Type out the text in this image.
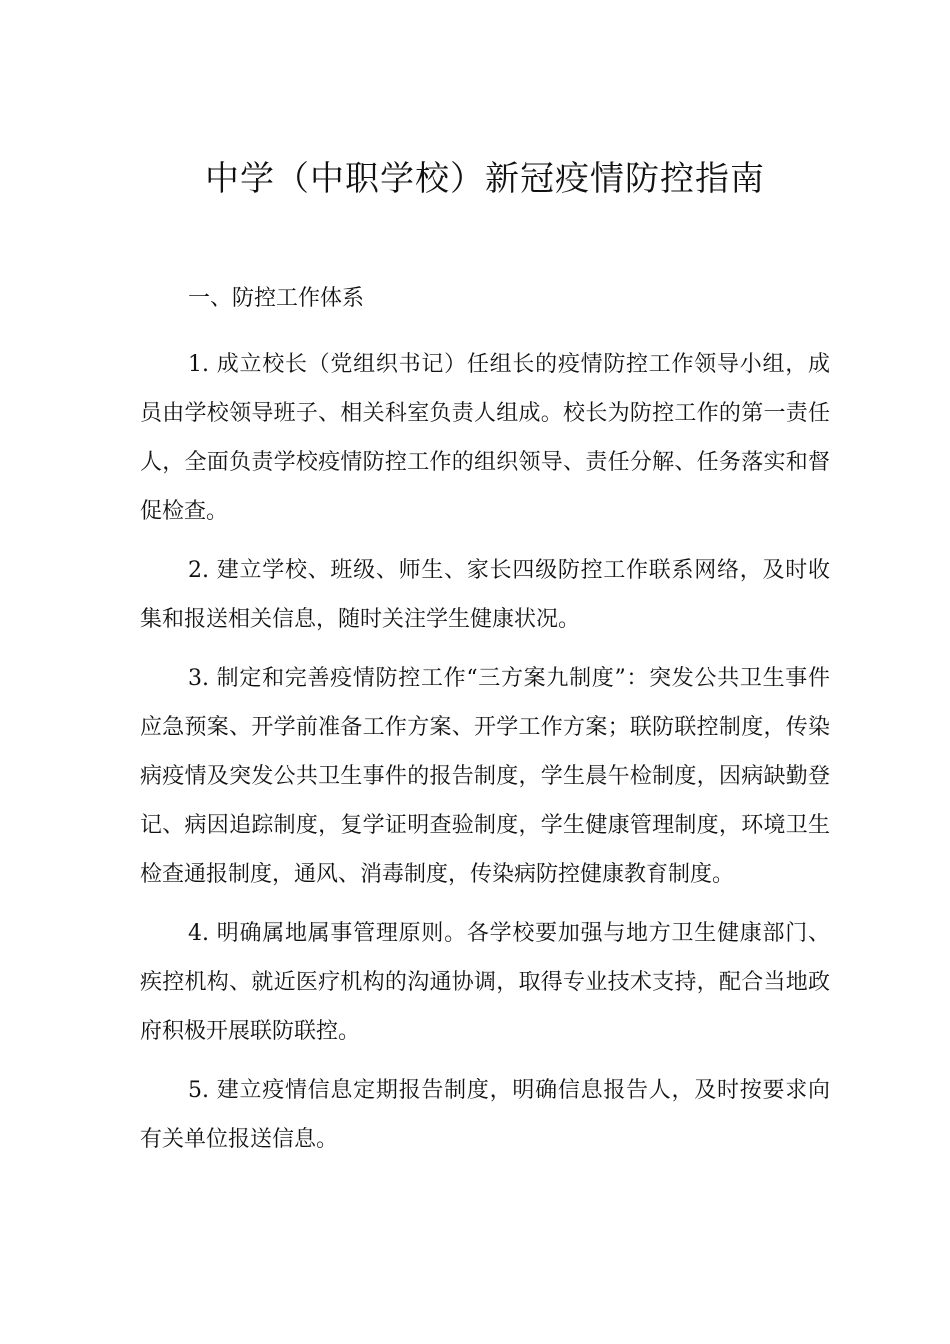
中学（中职学校）新冠疫情防控指南

一、防控工作体系

1. 成立校长（党组织书记）任组长的疫情防控工作领导小组，成员由学校领导班子、相关科室负责人组成。校长为防控工作的第一责任人，全面负责学校疫情防控工作的组织领导、责任分解、任务落实和督促检查。

2. 建立学校、班级、师生、家长四级防控工作联系网络，及时收集和报送相关信息，随时关注学生健康状况。

3. 制定和完善疫情防控工作“三方案九制度”：突发公共卫生事件应急预案、开学前准备工作方案、开学工作方案；联防联控制度，传染病疫情及突发公共卫生事件的报告制度，学生晨午检制度，因病缺勤登记、病因追踪制度，复学证明查验制度，学生健康管理制度，环境卫生检查通报制度，通风、消毒制度，传染病防控健康教育制度。

4. 明确属地属事管理原则。各学校要加强与地方卫生健康部门、疾控机构、就近医疗机构的沟通协调，取得专业技术支持，配合当地政府积极开展联防联控。

5. 建立疫情信息定期报告制度，明确信息报告人，及时按要求向有关单位报送信息。
